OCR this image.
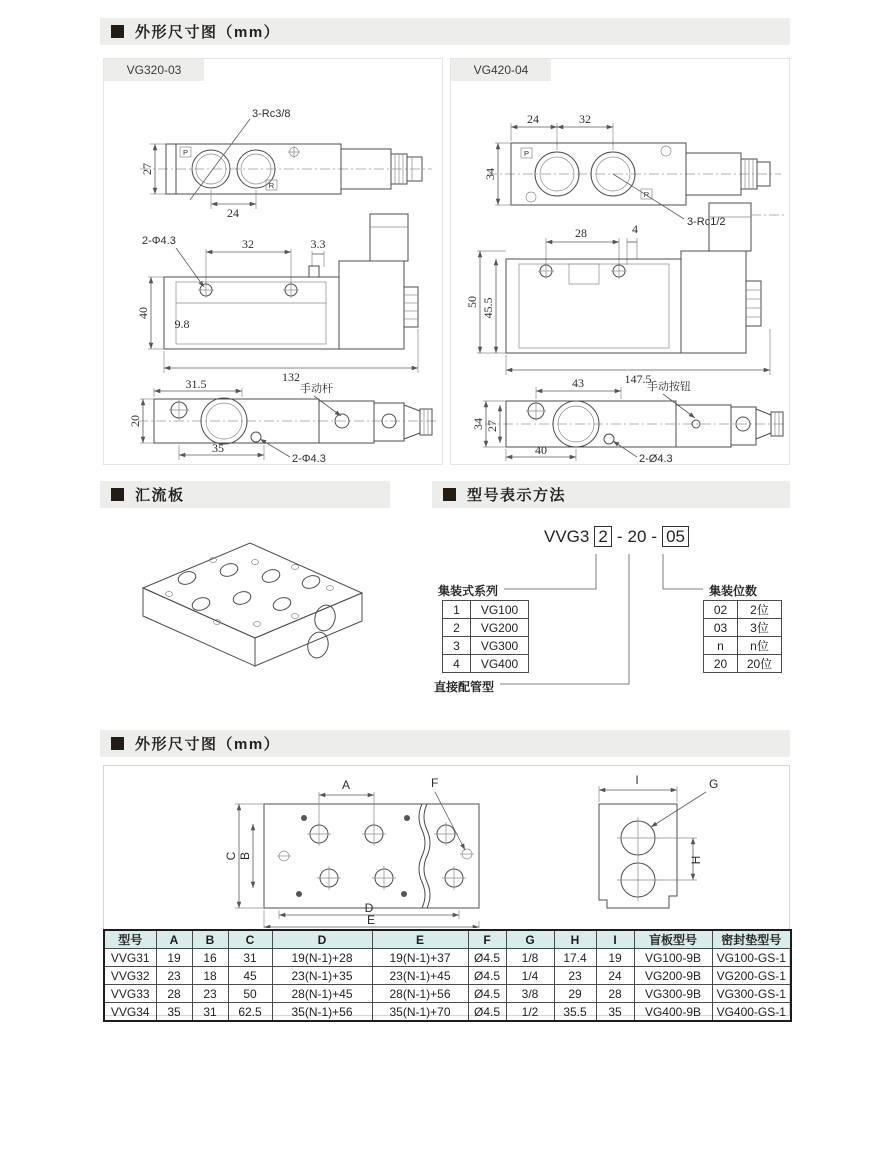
外形尺寸图（mm）
VG320-03
P
R
3-Rc3/8
27
24
2-Φ4.3	32	3.3
40
9.8
132
31.5	手动杆
2-Φ4.3
20
35
VG420-04
24	32
P
R
3-Rc1/2
34
28	4
50 45.5
147.5
43	手动按钮
2-Ø4.3
34 27
40
汇流板	型号表示方法
VVG3 2 - 20 - 05
集装式系列
1	VG100
2	VG200
3	VG300
4	VG400
集装位数
02	2位
03	3位
n	n位
20	20位
直接配管型
外形尺寸图（mm）
A	F
C B
D
E
I	G
H
型号	A	B	C	D	E	F	G	H	I	盲板型号	密封垫型号
VVG31	19	16	31	19(N-1)+28	19(N-1)+37	Ø4.5	1/8	17.4	19	VG100-9B	VG100-GS-1
VVG32	23	18	45	23(N-1)+35	23(N-1)+45	Ø4.5	1/4	23	24	VG200-9B	VG200-GS-1
VVG33	28	23	50	28(N-1)+45	28(N-1)+56	Ø4.5	3/8	29	28	VG300-9B	VG300-GS-1
VVG34	35	31	62.5	35(N-1)+56	35(N-1)+70	Ø4.5	1/2	35.5	35	VG400-9B	VG400-GS-1
